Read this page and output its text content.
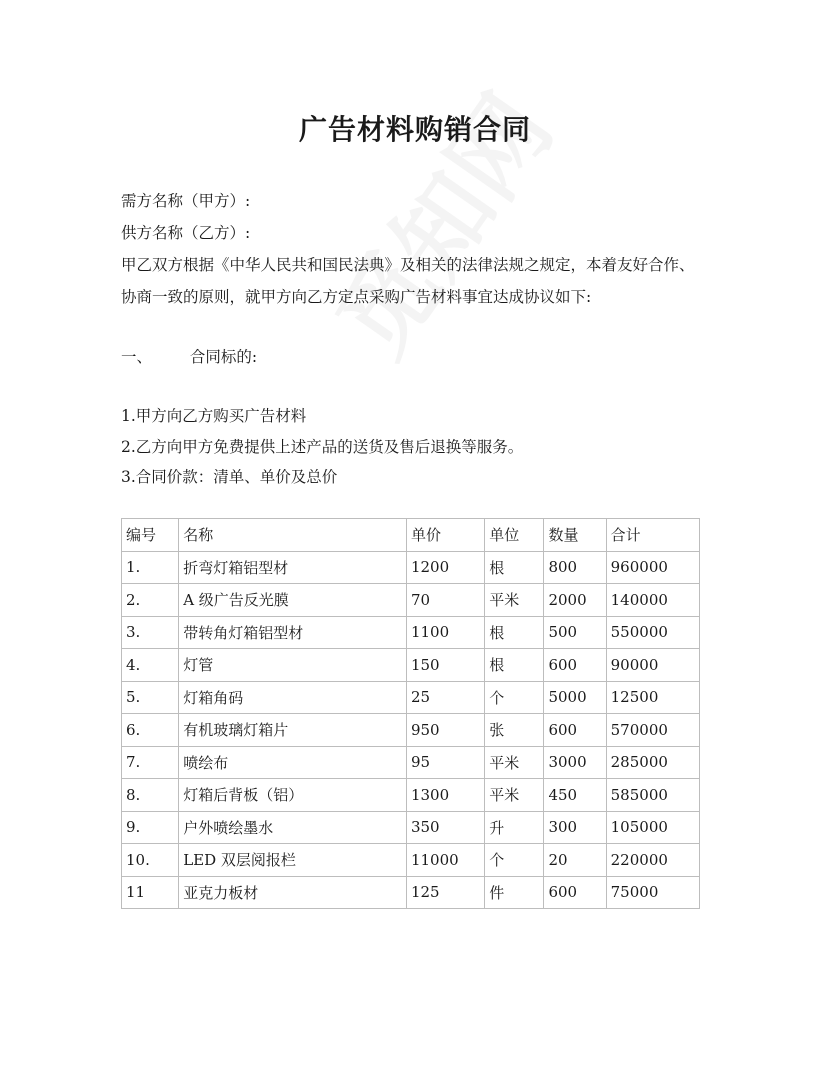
广告材料购销合同
需方名称（甲方）:
供方名称（乙方）:
甲乙双方根据《中华人民共和国民法典》及相关的法律法规之规定，本着友好合作、
协商一致的原则，就甲方向乙方定点采购广告材料事宜达成协议如下:
一、 合同标的:
1.甲方向乙方购买广告材料
2.乙方向甲方免费提供上述产品的送货及售后退换等服务。
3.合同价款：清单、单价及总价
编号	名称	单价	单位	数量	合计
1.	折弯灯箱铝型材	1200	根	800	960000
2.	A 级广告反光膜	70	平米	2000	140000
3.	带转角灯箱铝型材	1100	根	500	550000
4.	灯管	150	根	600	90000
5.	灯箱角码	25	个	5000	12500
6.	有机玻璃灯箱片	950	张	600	570000
7.	喷绘布	95	平米	3000	285000
8.	灯箱后背板（铝）	1300	平米	450	585000
9.	户外喷绘墨水	350	升	300	105000
10.	LED 双层阅报栏	11000	个	20	220000
11	亚克力板材	125	件	600	75000
